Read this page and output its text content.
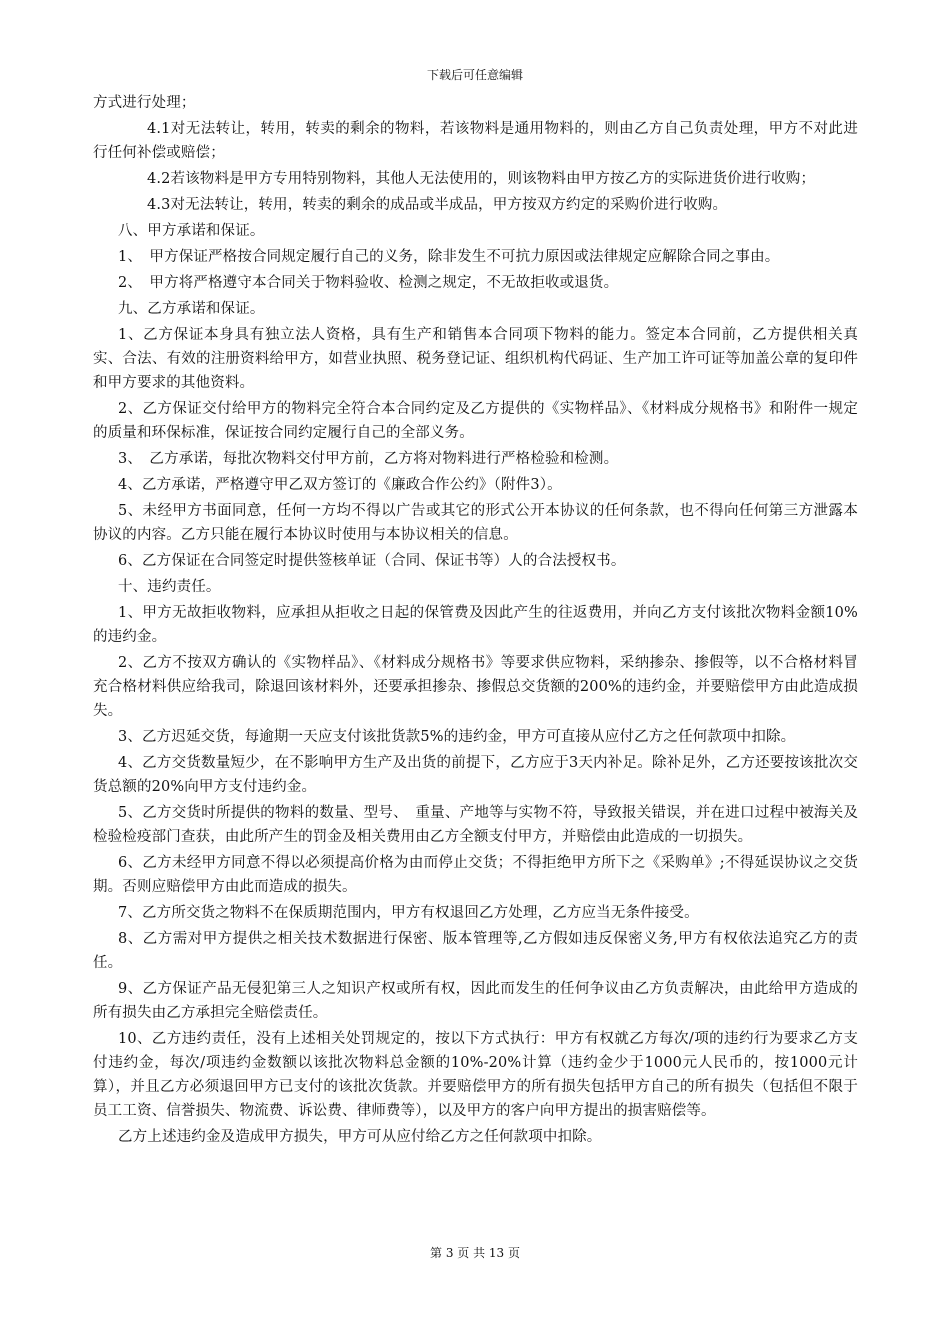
下载后可任意编辑

方式进行处理；

4.1对无法转让，转用，转卖的剩余的物料，若该物料是通用物料的，则由乙方自己负责处理，甲方不对此进行任何补偿或赔偿；

4.2若该物料是甲方专用特别物料，其他人无法使用的，则该物料由甲方按乙方的实际进货价进行收购；

4.3对无法转让，转用，转卖的剩余的成品或半成品，甲方按双方约定的采购价进行收购。

八、甲方承诺和保证。

1、　甲方保证严格按合同规定履行自己的义务，除非发生不可抗力原因或法律规定应解除合同之事由。

2、　甲方将严格遵守本合同关于物料验收、检测之规定，不无故拒收或退货。

九、乙方承诺和保证。

1、乙方保证本身具有独立法人资格，具有生产和销售本合同项下物料的能力。签定本合同前，乙方提供相关真实、合法、有效的注册资料给甲方，如营业执照、税务登记证、组织机构代码证、生产加工许可证等加盖公章的复印件和甲方要求的其他资料。

2、乙方保证交付给甲方的物料完全符合本合同约定及乙方提供的《实物样品》、《材料成分规格书》和附件一规定的质量和环保标准，保证按合同约定履行自己的全部义务。

3、　乙方承诺，每批次物料交付甲方前，乙方将对物料进行严格检验和检测。

4、乙方承诺，严格遵守甲乙双方签订的《廉政合作公约》（附件3）。

5、未经甲方书面同意，任何一方均不得以广告或其它的形式公开本协议的任何条款，也不得向任何第三方泄露本协议的内容。乙方只能在履行本协议时使用与本协议相关的信息。

6、乙方保证在合同签定时提供签核单证（合同、保证书等）人的合法授权书。

十、违约责任。

1、甲方无故拒收物料，应承担从拒收之日起的保管费及因此产生的往返费用，并向乙方支付该批次物料金额10%的违约金。

2、乙方不按双方确认的《实物样品》、《材料成分规格书》等要求供应物料，采纳掺杂、掺假等，以不合格材料冒充合格材料供应给我司，除退回该材料外，还要承担掺杂、掺假总交货额的200%的违约金，并要赔偿甲方由此造成损失。

3、乙方迟延交货，每逾期一天应支付该批货款5%的违约金，甲方可直接从应付乙方之任何款项中扣除。

4、乙方交货数量短少，在不影响甲方生产及出货的前提下，乙方应于3天内补足。除补足外，乙方还要按该批次交货总额的20%向甲方支付违约金。

5、乙方交货时所提供的物料的数量、型号、　重量、产地等与实物不符，导致报关错误，并在进口过程中被海关及检验检疫部门查获，由此所产生的罚金及相关费用由乙方全额支付甲方，并赔偿由此造成的一切损失。

6、乙方未经甲方同意不得以必须提高价格为由而停止交货；不得拒绝甲方所下之《采购单》;不得延误协议之交货期。否则应赔偿甲方由此而造成的损失。

7、乙方所交货之物料不在保质期范围内，甲方有权退回乙方处理，乙方应当无条件接受。

8、乙方需对甲方提供之相关技术数据进行保密、版本管理等,乙方假如违反保密义务,甲方有权依法追究乙方的责任。

9、乙方保证产品无侵犯第三人之知识产权或所有权，因此而发生的任何争议由乙方负责解决，由此给甲方造成的所有损失由乙方承担完全赔偿责任。

10、乙方违约责任，没有上述相关处罚规定的，按以下方式执行：甲方有权就乙方每次/项的违约行为要求乙方支付违约金，每次/项违约金数额以该批次物料总金额的10%-20%计算（违约金少于1000元人民币的，按1000元计算），并且乙方必须退回甲方已支付的该批次货款。并要赔偿甲方的所有损失包括甲方自己的所有损失（包括但不限于员工工资、信誉损失、物流费、诉讼费、律师费等），以及甲方的客户向甲方提出的损害赔偿等。

乙方上述违约金及造成甲方损失，甲方可从应付给乙方之任何款项中扣除。

第 3 页 共 13 页
